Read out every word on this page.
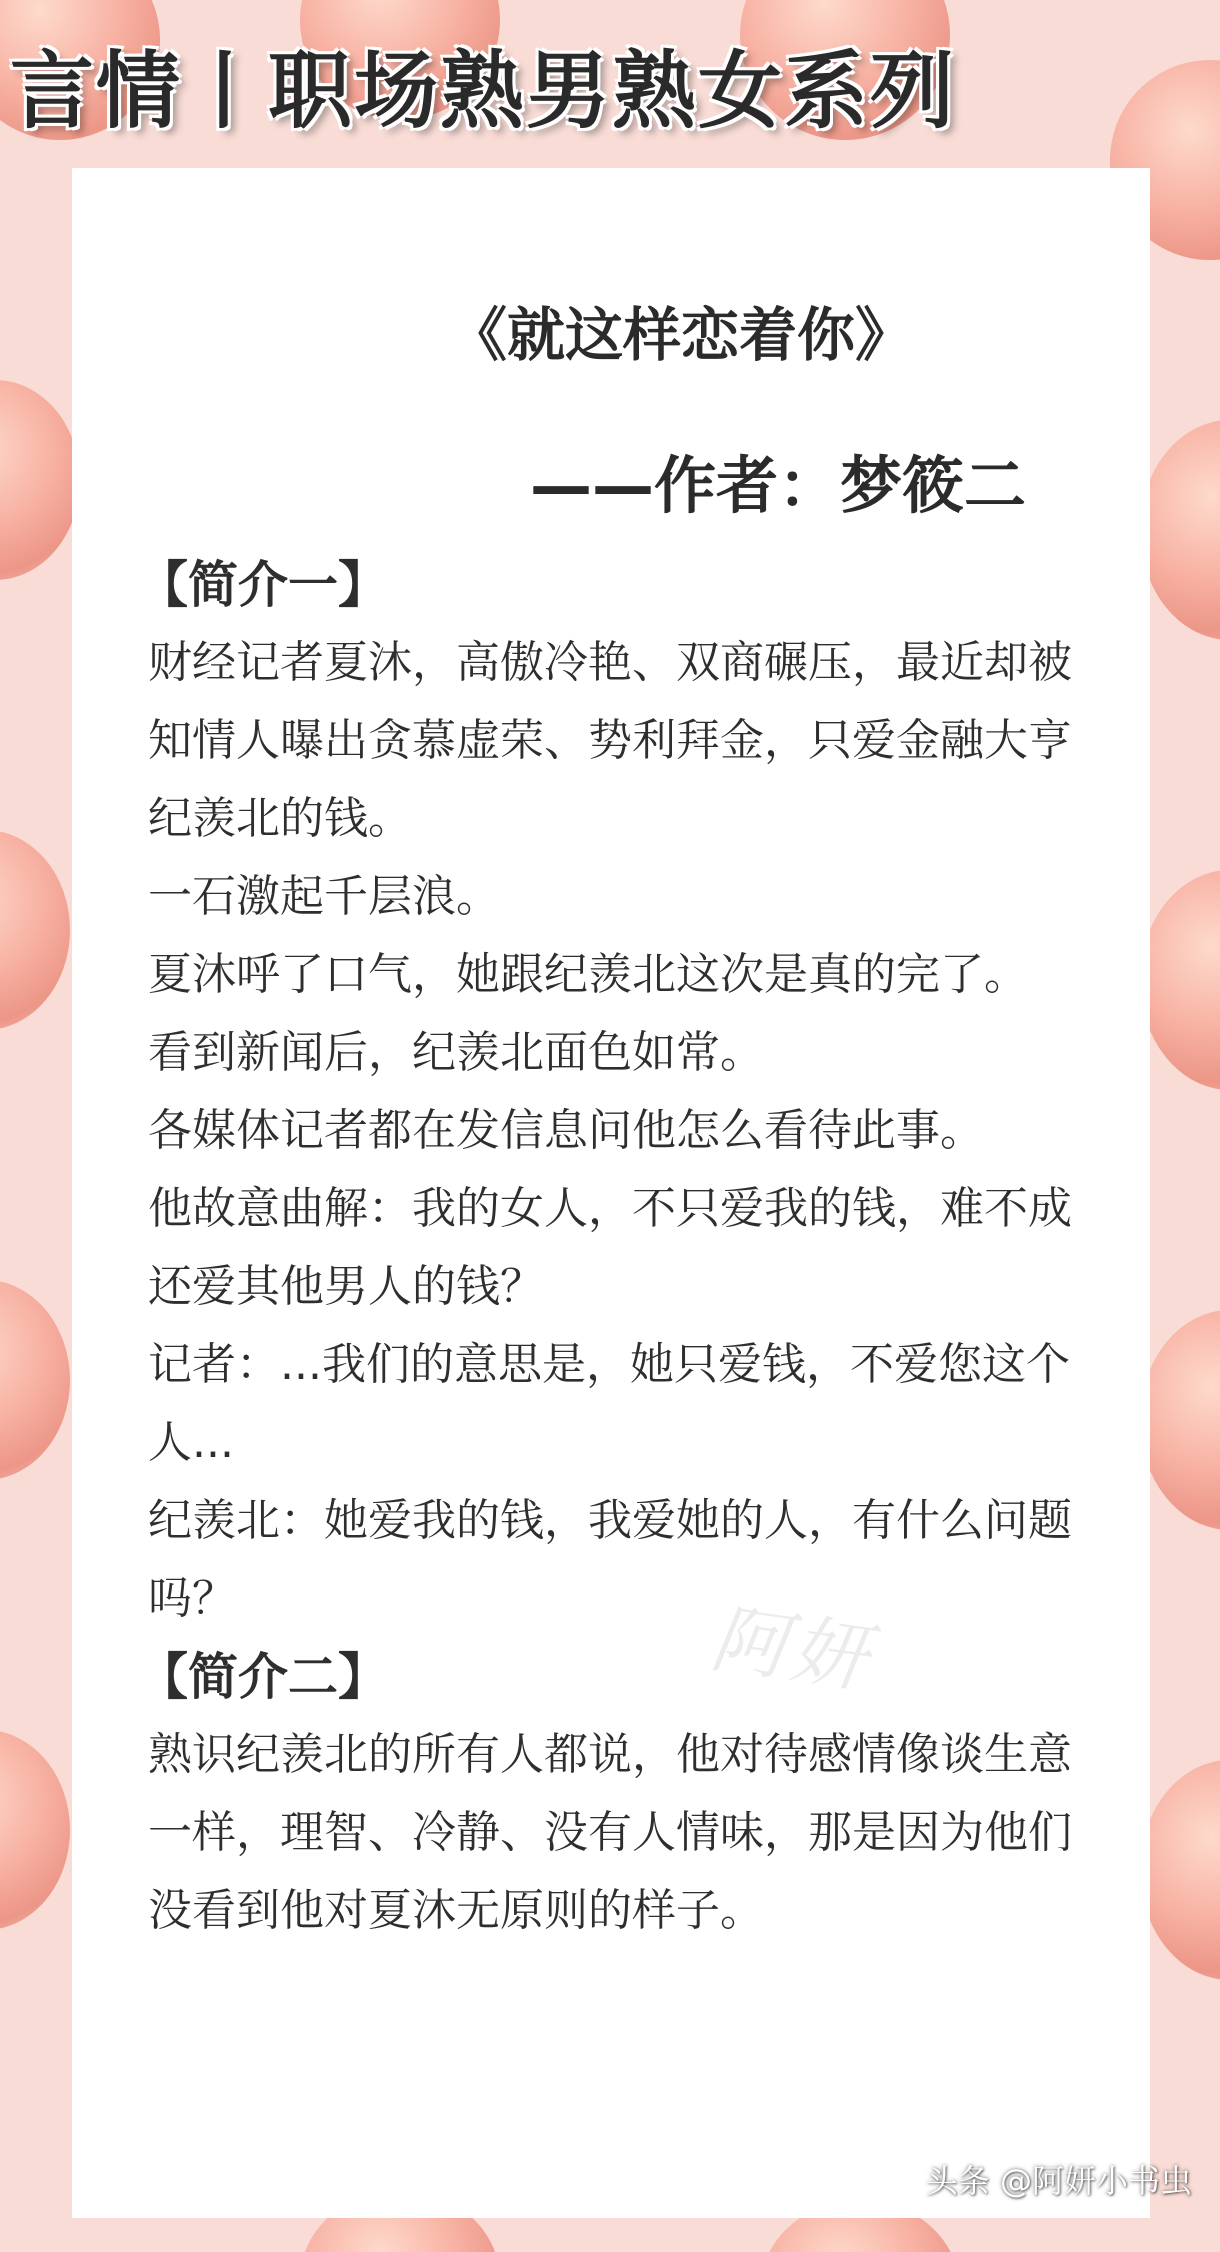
言情丨职场熟男熟女系列
《就这样恋着你》
——作者：梦筱二
【简介一】

财经记者夏沐，高傲冷艳、双商碾压，最近却被知情人曝出贪慕虚荣、势利拜金，只爱金融大亨纪羡北的钱。

一石激起千层浪。

夏沐呼了口气，她跟纪羡北这次是真的完了。

看到新闻后，纪羡北面色如常。

各媒体记者都在发信息问他怎么看待此事。

他故意曲解：我的女人，不只爱我的钱，难不成还爱其他男人的钱？

记者：...我们的意思是，她只爱钱，不爱您这个人...

纪羡北：她爱我的钱，我爱她的人，有什么问题吗？

【简介二】

熟识纪羡北的所有人都说，他对待感情像谈生意一样，理智、冷静、没有人情味，那是因为他们没看到他对夏沐无原则的样子。

阿妍
头条 @阿妍小书虫
